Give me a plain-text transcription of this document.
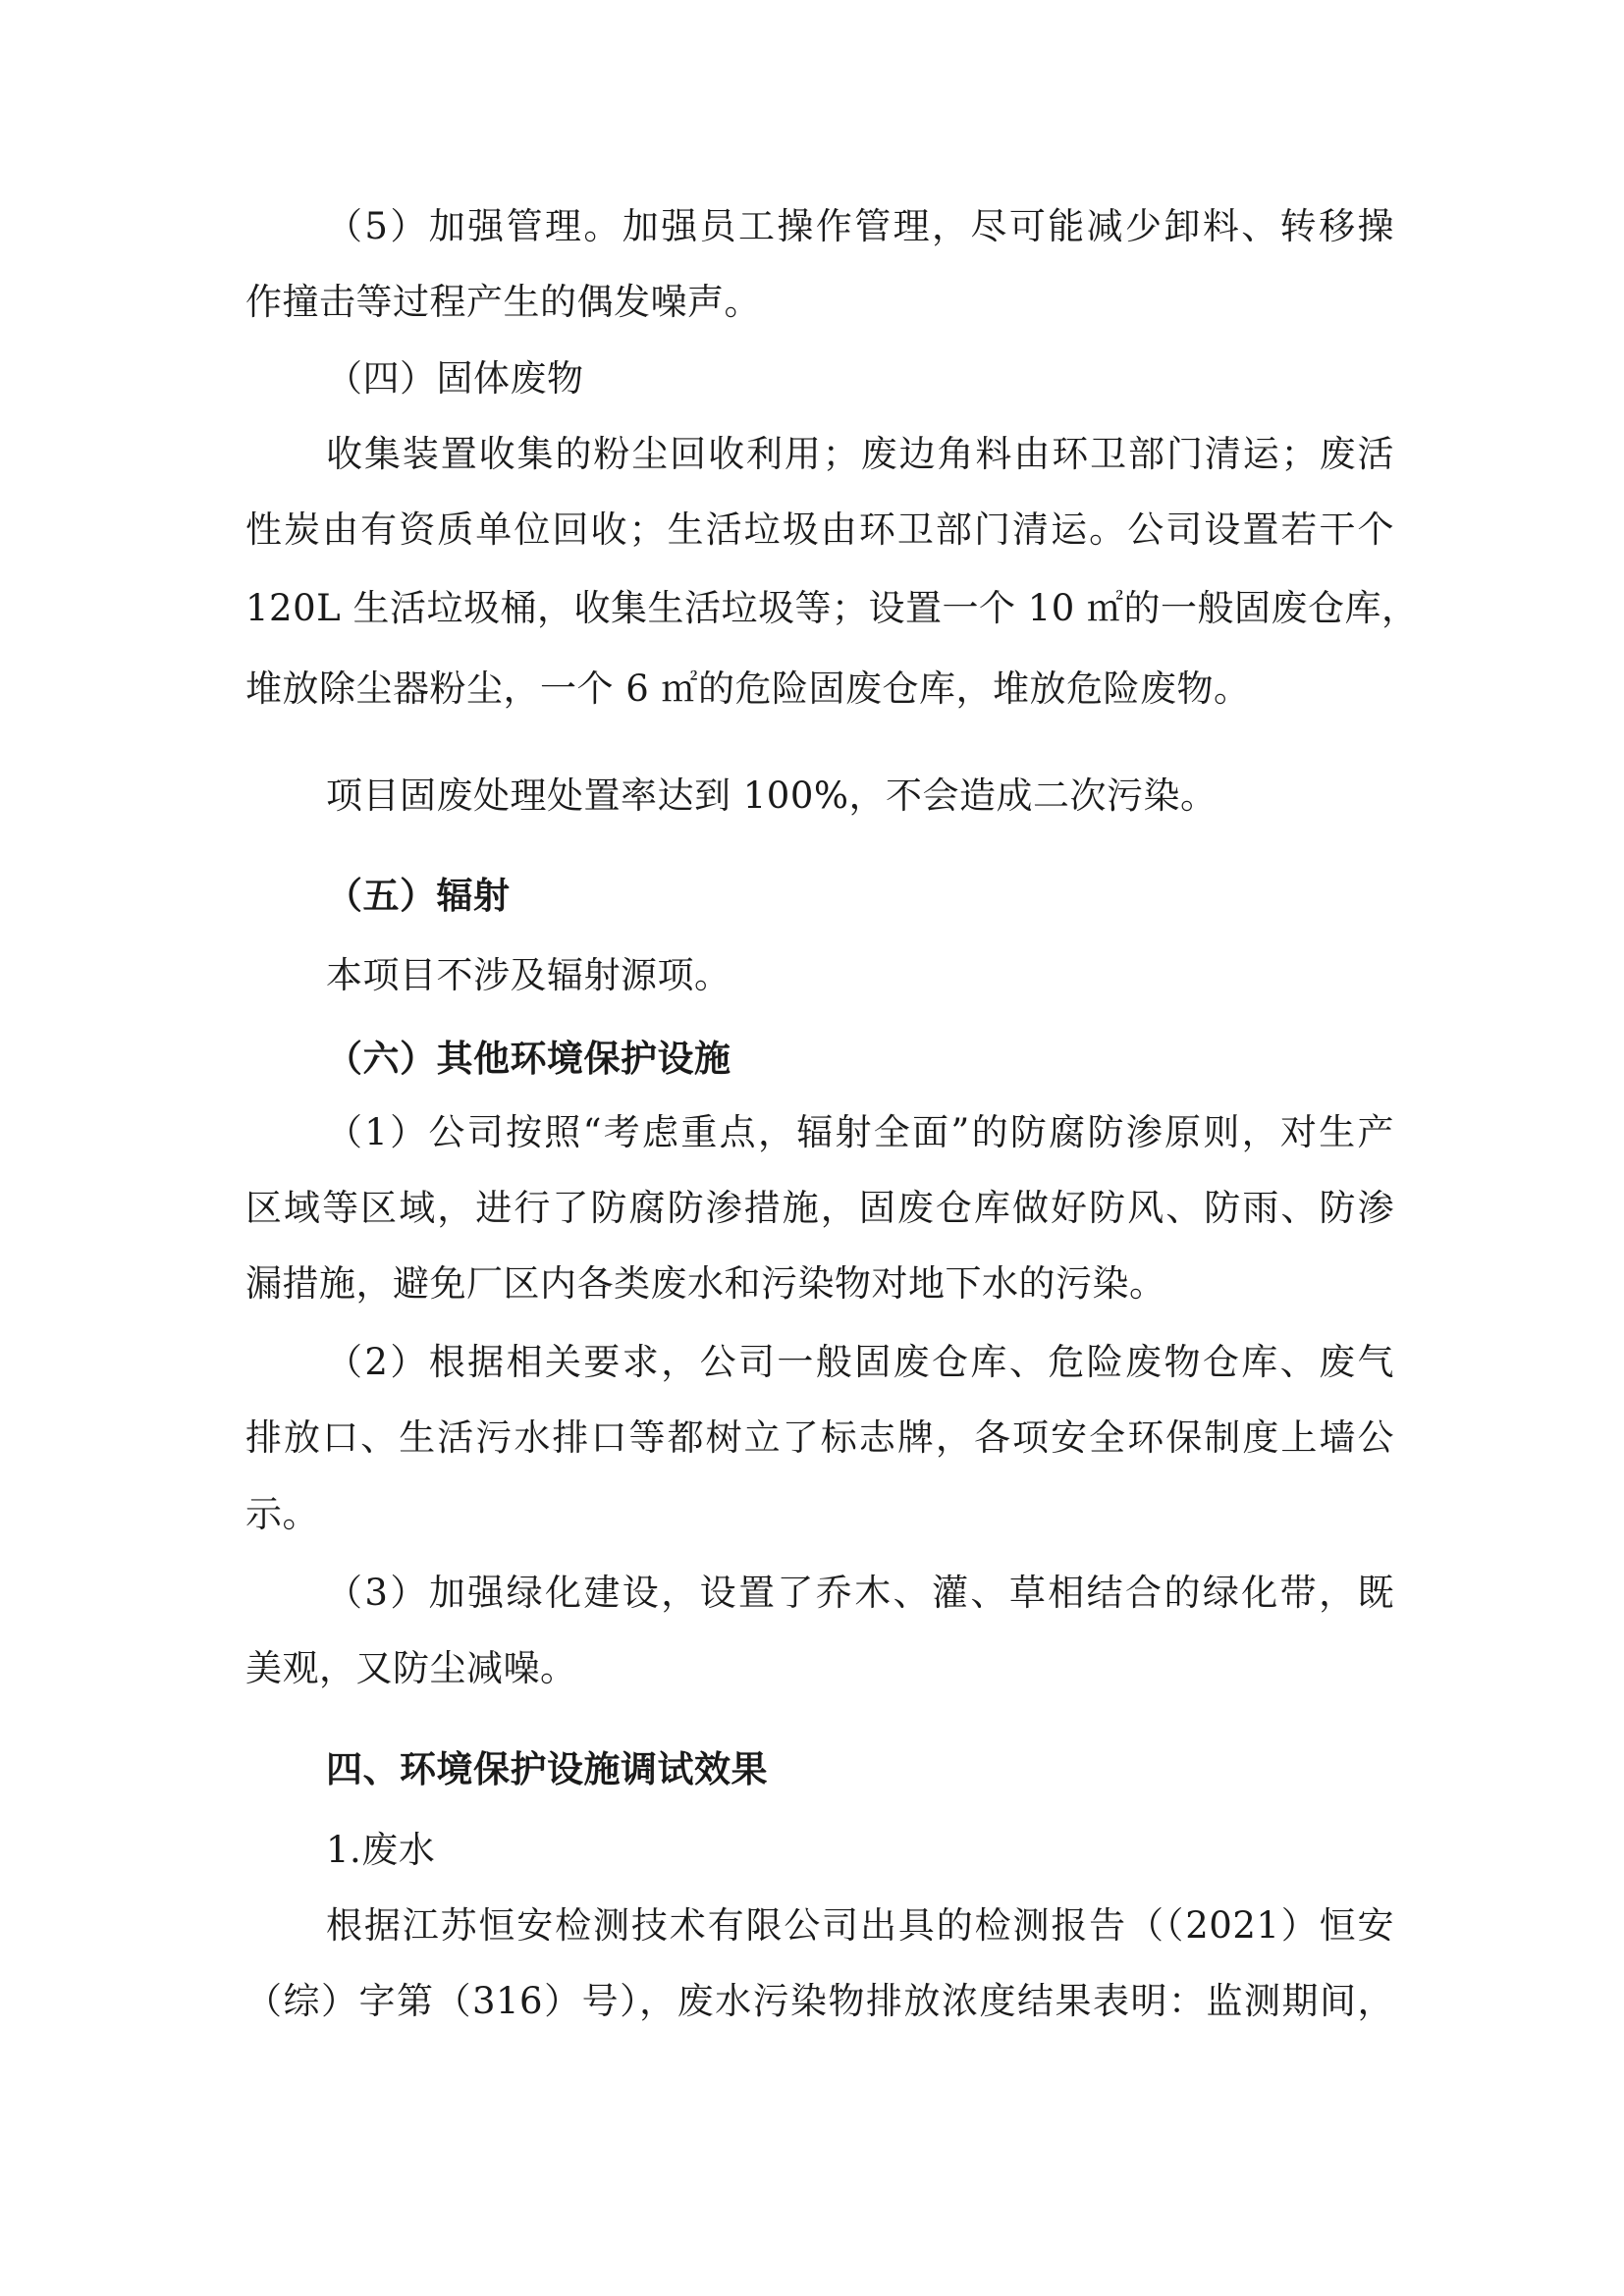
（5）加强管理。加强员工操作管理，尽可能减少卸料、转移操
作撞击等过程产生的偶发噪声。
（四）固体废物
收集装置收集的粉尘回收利用；废边角料由环卫部门清运；废活
性炭由有资质单位回收；生活垃圾由环卫部门清运。公司设置若干个
120L 生活垃圾桶，收集生活垃圾等；设置一个 10 ㎡的一般固废仓库，
堆放除尘器粉尘，一个 6 ㎡的危险固废仓库，堆放危险废物。
项目固废处理处置率达到 100%，不会造成二次污染。
（五）辐射
本项目不涉及辐射源项。
（六）其他环境保护设施
（1）公司按照“考虑重点，辐射全面”的防腐防渗原则，对生产
区域等区域，进行了防腐防渗措施，固废仓库做好防风、防雨、防渗
漏措施，避免厂区内各类废水和污染物对地下水的污染。
（2）根据相关要求，公司一般固废仓库、危险废物仓库、废气
排放口、生活污水排口等都树立了标志牌，各项安全环保制度上墙公
示。
（3）加强绿化建设，设置了乔木、灌、草相结合的绿化带，既
美观，又防尘减噪。
四、环境保护设施调试效果
1.废水
根据江苏恒安检测技术有限公司出具的检测报告（（2021）恒安
（综）字第（316）号），废水污染物排放浓度结果表明：监测期间，
